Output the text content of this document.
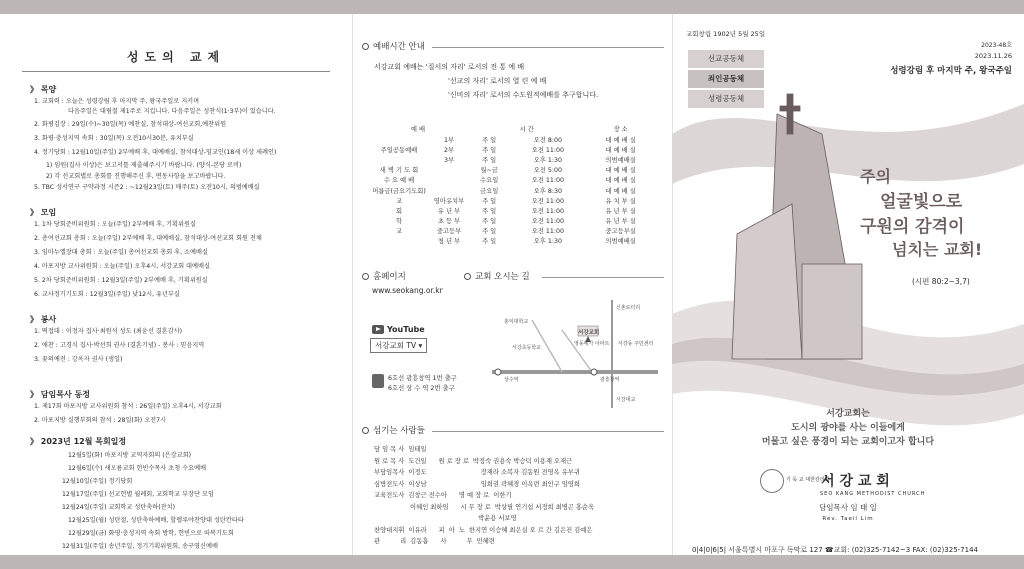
성도의 교제
》 목양
1. 교회력 : 오늘은 성령강림 후 마지막 주, 왕국주일로 지키며
다음주일은 대림절 제1주로 지킵니다. 다음주일은 성찬식(1·3부)이 있습니다.
2. 화평김장 : 29일(수)~30일(목) 예찬실, 참석대상-여선교회,예찬위원
3. 화평·충성지역 속회 : 30일(목) 오전10시30분, 유치부실
4. 정기당회 : 12월10일(주일) 2부예배 후, 대예배실, 참석대상-임교인(18세 이상 세례인)
1) 임원(집사 이상)은 보고서를 제출해주시기 바랍니다. (양식-본당 로비)
2) 각 선교회별로 총회를 진행해주신 후, 변동사항을 보고바랍니다.
5. TBC 성서연구 구약과정 시즌2 : ~12월23일(토) 매주(토) 오전10시, 의범예배실
》 모임
1. 1차 당회준비위원회 : 오늘(주일) 2부예배 후, 기획위원실
2. 총여선교회 총회 : 오늘(주일) 2부예배 후, 대예배실, 참석대상-여선교회 회원 전체
3. 임마누엘장대 총회 : 오늘(주일) 총여선교회 총회 후, 소예배실
4. 마포지방 교사위원회 : 오늘(주일) 오후4시, 서강교회 대예배실
5. 2차 당회준비위원회 : 12월3일(주일) 2부예배 후, 기획위원실
6. 교사정기기도회 : 12월3일(주일) 낮12시, 유년부실
》 봉사
1. 떡접대 : 이정자 집사·최원석 성도 (최윤선 결혼감사)
2. 애찬 : 고경식 집사·박선희 권사 (결혼기념) - 봉사 : 믿음지역
3. 꽃의예전 : 강옥자 권사 (생일)
》 담임목사 동정
1. 제17회 마포지방 교사위원회 참석 : 26일(주일) 오후4시, 서강교회
2. 마포지방 실행부회의 참석 : 28일(화) 오전7시
》 2023년 12월 목회일정
12월5일(화) 마포지방 교역자회의 (은강교회)
12월6일(수) 새오름교회 헌빈수목사 초청 수요예배
12월10일(주일) 정기당회
12월17일(주일) 선교헌별 월례회, 교회학교 부장단 모임
12월24일(주일) 교회학교 성탄축하(잔치)
12월25일(월) 성탄절, 성탄축하예배, 할렐루야찬양대 성탄칸타타
12월29일(금) 화평·충성지역 속회 방학, 헌빈으로 떠복기도회
12월31일(주일) 송년주일, 정기기획위원회, 송구영신예배
예배시간 안내
서강교회 예배는 '질서의 자리' 로서의 전 통 예 배
'선교의 자리' 로서의 열 린 예 배
'신비의 자리' 로서의 수도원적예배를 추구합니다.
예 배		시 간		장 소
	1부	주 일	오전 8:00	대 예 배 실
주일공동예배	2부	주 일	오전 11:00	대 예 배 실
	3부	주 일	오후 1:30	의범예배실
새 벽 기 도 회		월~금	오전 5:00	대 예 배 실
수 요 예 배		수요일	오전 11:00	대 예 배 실
머릅금(금요기도회)		금요일	오후 8:30	대 예 배 실
교	영아유치부	주 일	오전 11:00	유 치 부 실
회	유 년 부	주 일	오전 11:00	유 년 부 실
학	초 등 부	주 일	오전 11:00	유 년 부 실
교	중고등부	주 일	오전 11:00	중고등부실
	청 년 부	주 일	오후 1:30	의범예배실
홈페이지
www.seokang.or.kr
YouTube
서강교회 TV ▾
6호선 광흥창역 1번 출구
6호선 상 수 역 2번 출구
교회 오시는 길
홍익대학교
신촌로터리
서강초등학교
영동예가 아파트 서강동 주민센터
서강대교
서강교회
상수역	광흥창역
섬기는 사람들
담 임 목 사  임태일
원 로 목 사  도건일      원 로 장 로  박정숙 권용숙 박승덕 이용재 오재근
부담임목사  이정도                           장재라 소복자 김동원 전영옥 유부귀
심방전도사  이상남                           임희권 곽혜경 이옥련 최인구 임영희
교육전도사  김창근 전수아      명 예 장 로  이한기
이혜인 최하임      시 무 장 로  박상필 연기섭 서정희 최병곤 홍순욱
박윤용 서보영
찬양대지휘  이유라      피  아  노  한지연 이승혜 최은실 오 르 간 김은진 김예은
관          리  김동흡      사          무  민혜련
교회창립 1902년 5월 25일
2023-48호
2023.11.26
성령강림 후 마지막 주, 왕국주일
선교공동체
죄인공동체
성령공동체
주의
얼굴빛으로
구원의 감격이
넘치는 교회!
(시편 80:2~3,7)
서강교회는
도시의 광야를 사는 이들에게
머물고 싶은 풍경이 되는 교회이고자 합니다
기 독 교 대한감리회 서 강 교 회
SEO KANG METHODIST CHURCH
담임목사 임 태 일
Rev. Taeil Lim
0|4|0|6|5| 서울특별시 마포구 독막로 127 ☎교회: (02)325-7142~3 FAX: (02)325-7144
